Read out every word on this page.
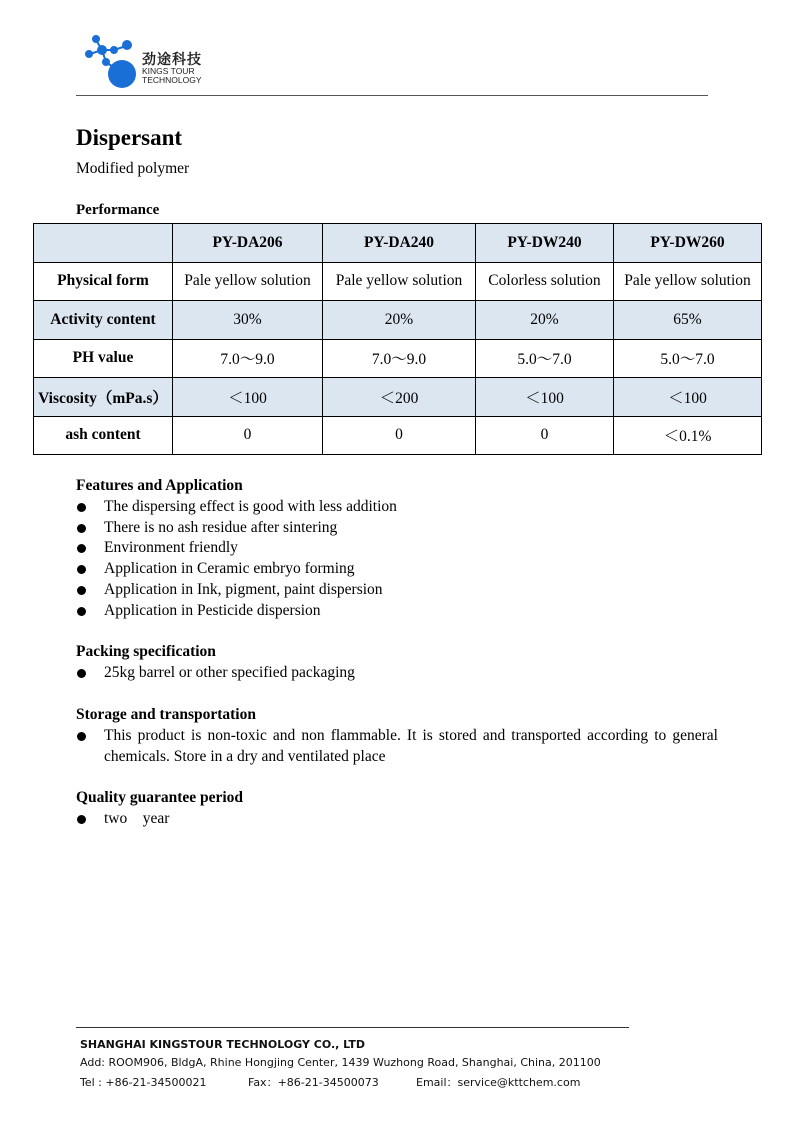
劲途科技
KINGS TOUR
TECHNOLOGY
Dispersant
Modified polymer
Performance
	PY-DA206	PY-DA240	PY-DW240	PY-DW260
Physical form	Pale yellow solution	Pale yellow solution	Colorless solution	Pale yellow solution
Activity content	30%	20%	20%	65%
PH value	7.0～9.0	7.0～9.0	5.0～7.0	5.0～7.0
Viscosity（mPa.s）	＜100	＜200	＜100	＜100
ash content	0	0	0	＜0.1%
Features and Application
The dispersing effect is good with less addition
There is no ash residue after sintering
Environment friendly
Application in Ceramic embryo forming
Application in Ink, pigment, paint dispersion
Application in Pesticide dispersion
Packing specification
25kg barrel or other specified packaging
Storage and transportation
This product is non-toxic and non flammable. It is stored and transported according to general chemicals. Store in a dry and ventilated place
Quality guarantee period
two    year
SHANGHAI KINGSTOUR TECHNOLOGY CO., LTD
Add: ROOM906, BldgA, Rhine Hongjing Center, 1439 Wuzhong Road, Shanghai, China, 201100
Tel : +86-21-34500021	Fax：+86-21-34500073	Email：service@kttchem.com
